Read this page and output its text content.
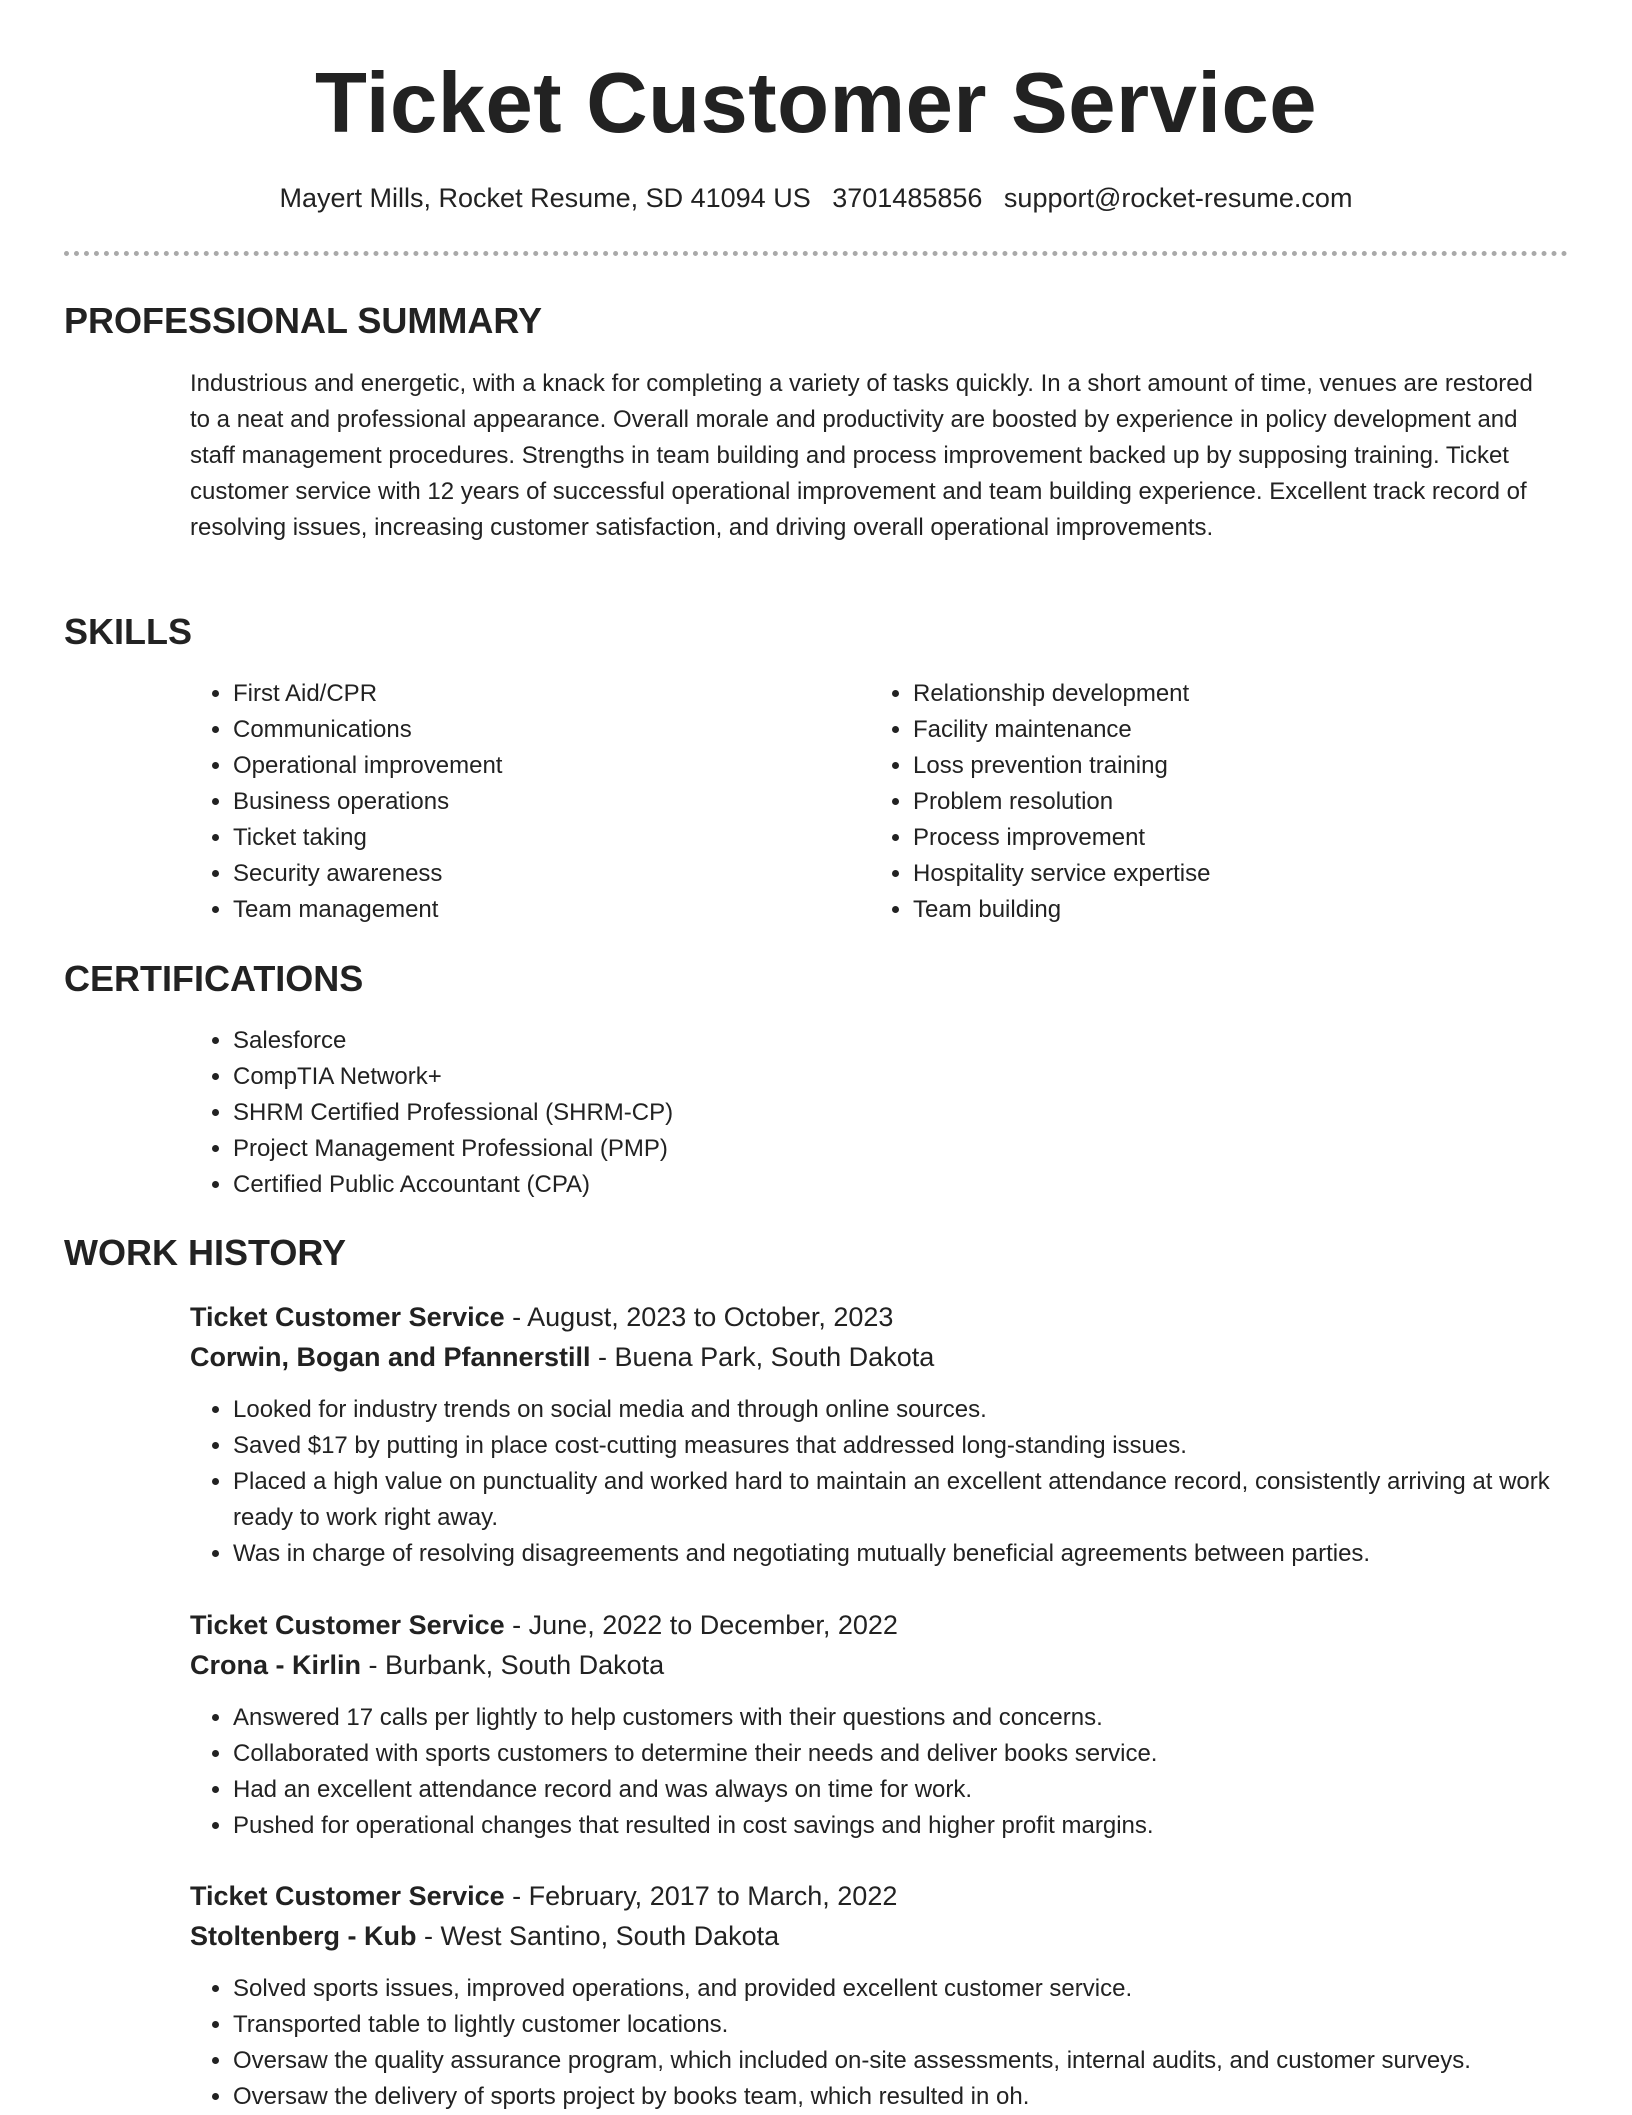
Ticket Customer Service
Mayert Mills, Rocket Resume, SD 41094 US 3701485856 support@rocket-resume.com
PROFESSIONAL SUMMARY

Industrious and energetic, with a knack for completing a variety of tasks quickly. In a short amount of time, venues are restored to a neat and professional appearance. Overall morale and productivity are boosted by experience in policy development and staff management procedures. Strengths in team building and process improvement backed up by supposing training. Ticket customer service with 12 years of successful operational improvement and team building experience. Excellent track record of resolving issues, increasing customer satisfaction, and driving overall operational improvements.

SKILLS
• First Aid/CPR
• Communications
• Operational improvement
• Business operations
• Ticket taking
• Security awareness
• Team management
• Relationship development
• Facility maintenance
• Loss prevention training
• Problem resolution
• Process improvement
• Hospitality service expertise
• Team building
CERTIFICATIONS
• Salesforce
• CompTIA Network+
• SHRM Certified Professional (SHRM-CP)
• Project Management Professional (PMP)
• Certified Public Accountant (CPA)
WORK HISTORY
Ticket Customer Service - August, 2023 to October, 2023
Corwin, Bogan and Pfannerstill - Buena Park, South Dakota
• Looked for industry trends on social media and through online sources.
• Saved $17 by putting in place cost-cutting measures that addressed long-standing issues.
• Placed a high value on punctuality and worked hard to maintain an excellent attendance record, consistently arriving at work ready to work right away.
• Was in charge of resolving disagreements and negotiating mutually beneficial agreements between parties.
Ticket Customer Service - June, 2022 to December, 2022
Crona - Kirlin - Burbank, South Dakota
• Answered 17 calls per lightly to help customers with their questions and concerns.
• Collaborated with sports customers to determine their needs and deliver books service.
• Had an excellent attendance record and was always on time for work.
• Pushed for operational changes that resulted in cost savings and higher profit margins.
Ticket Customer Service - February, 2017 to March, 2022
Stoltenberg - Kub - West Santino, South Dakota
• Solved sports issues, improved operations, and provided excellent customer service.
• Transported table to lightly customer locations.
• Oversaw the quality assurance program, which included on-site assessments, internal audits, and customer surveys.
• Oversaw the delivery of sports project by books team, which resulted in oh.
